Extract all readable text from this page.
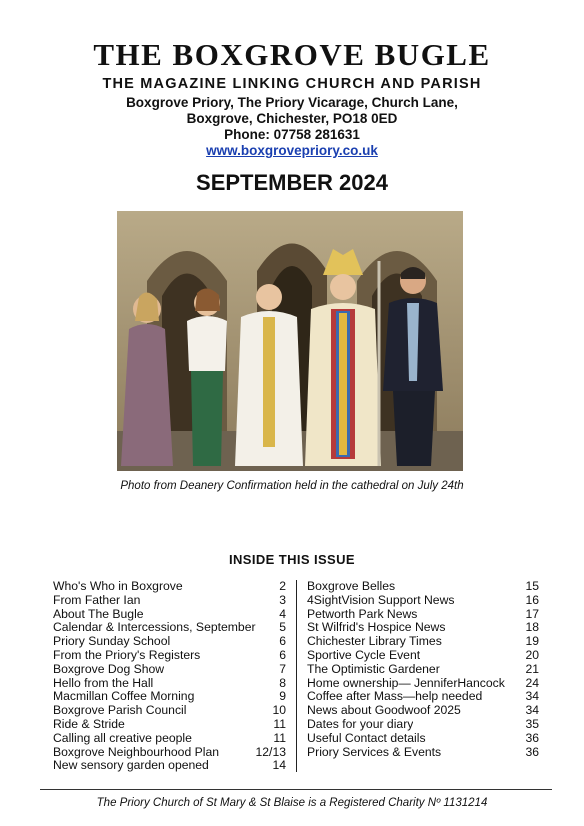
THE BOXGROVE BUGLE
THE MAGAZINE LINKING CHURCH AND PARISH
Boxgrove Priory, The Priory Vicarage, Church Lane,
Boxgrove, Chichester, PO18 0ED
Phone: 07758 281631
www.boxgrovepriory.co.uk
SEPTEMBER 2024
Photo from Deanery Confirmation held in the cathedral on July 24th
INSIDE THIS ISSUE
Who's Who in Boxgrove	2
From Father Ian	3
About The Bugle	4
Calendar & Intercessions, September	5
Priory Sunday School	6
From the Priory's Registers	6
Boxgrove Dog Show	7
Hello from the Hall	8
Macmillan Coffee Morning	9
Boxgrove Parish Council	10
Ride & Stride	11
Calling all creative people	11
Boxgrove Neighbourhood Plan	12/13
New sensory garden opened	14
Boxgrove Belles	15
4SightVision Support News	16
Petworth Park News	17
St Wilfrid's Hospice News	18
Chichester Library Times	19
Sportive Cycle Event	20
The Optimistic Gardener	21
Home ownership— JenniferHancock	24
Coffee after Mass—help needed	34
News about Goodwoof 2025	34
Dates for your diary	35
Useful Contact details	36
Priory Services & Events	36
The Priory Church of St Mary & St Blaise is a Registered Charity Nº 1131214
